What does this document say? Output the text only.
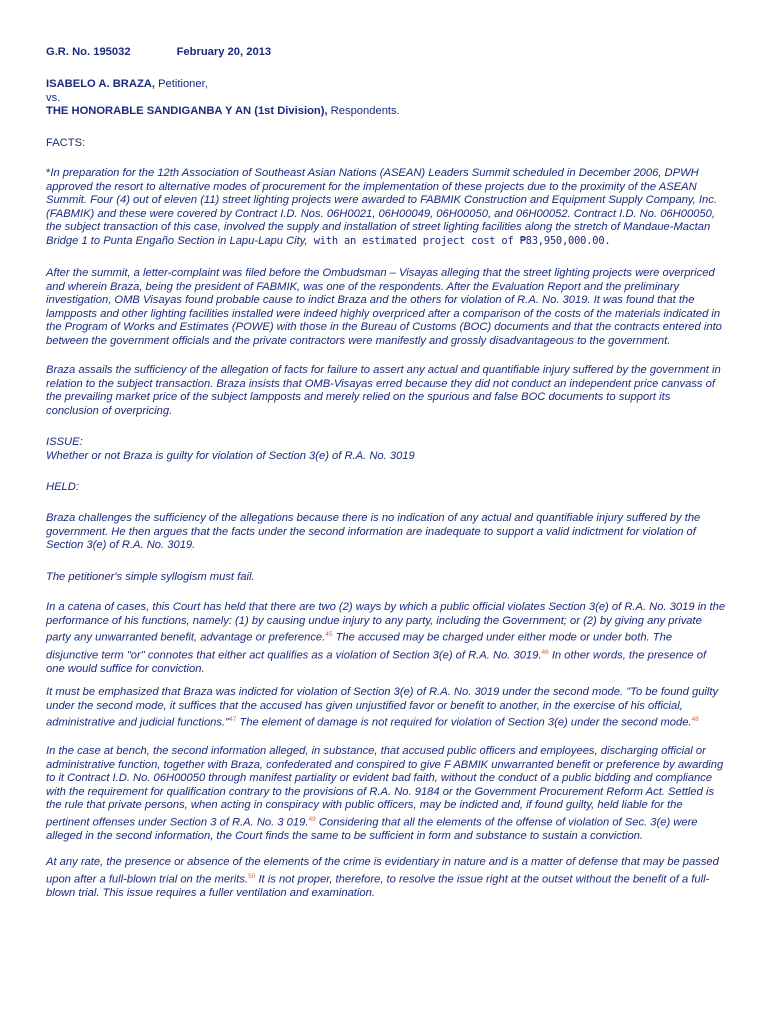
G.R. No. 195032	February 20, 2013

ISABELO A. BRAZA, Petitioner,

vs.

THE HONORABLE SANDIGANBA Y AN (1st Division), Respondents.

FACTS:
*In preparation for the 12th Association of Southeast Asian Nations (ASEAN) Leaders Summit scheduled in December 2006, DPWH approved the resort to alternative modes of procurement for the implementation of these projects due to the proximity of the ASEAN Summit. Four (4) out of eleven (11) street lighting projects were awarded to FABMIK Construction and Equipment Supply Company, Inc. (FABMIK) and these were covered by Contract I.D. Nos. 06H0021, 06H00049, 06H00050, and 06H00052. Contract I.D. No. 06H00050, the subject transaction of this case, involved the supply and installation of street lighting facilities along the stretch of Mandaue-Mactan Bridge 1 to Punta Engaño Section in Lapu-Lapu City, with an estimated project cost of ₱83,950,000.00.
After the summit, a letter-complaint was filed before the Ombudsman – Visayas alleging that the street lighting projects were overpriced and wherein Braza, being the president of FABMIK, was one of the respondents. After the Evaluation Report and the preliminary investigation, OMB Visayas found probable cause to indict Braza and the others for violation of R.A. No. 3019. It was found that the lampposts and other lighting facilities installed were indeed highly overpriced after a comparison of the costs of the materials indicated in the Program of Works and Estimates (POWE) with those in the Bureau of Customs (BOC) documents and that the contracts entered into between the government officials and the private contractors were manifestly and grossly disadvantageous to the government.
Braza assails the sufficiency of the allegation of facts for failure to assert any actual and quantifiable injury suffered by the government in relation to the subject transaction. Braza insists that OMB-Visayas erred because they did not conduct an independent price canvass of the prevailing market price of the subject lampposts and merely relied on the spurious and false BOC documents to support its conclusion of overpricing.

ISSUE:

Whether or not Braza is guilty for violation of Section 3(e) of R.A. No. 3019

HELD:
Braza challenges the sufficiency of the allegations because there is no indication of any actual and quantifiable injury suffered by the government. He then argues that the facts under the second information are inadequate to support a valid indictment for violation of Section 3(e) of R.A. No. 3019.
The petitioner's simple syllogism must fail.
In a catena of cases, this Court has held that there are two (2) ways by which a public official violates Section 3(e) of R.A. No. 3019 in the performance of his functions, namely: (1) by causing undue injury to any party, including the Government; or (2) by giving any private party any unwarranted benefit, advantage or preference.$^{45}$ The accused may be charged under either mode or under both. The disjunctive term "or" connotes that either act qualifies as a violation of Section 3(e) of R.A. No. 3019.46 In other words, the presence of one would suffice for conviction.
It must be emphasized that Braza was indicted for violation of Section 3(e) of R.A. No. 3019 under the second mode. "To be found guilty under the second mode, it suffices that the accused has given unjustified favor or benefit to another, in the exercise of his official, administrative and judicial functions."$^{47}$ The element of damage is not required for violation of Section 3(e) under the second mode.$^{48}$
In the case at bench, the second information alleged, in substance, that accused public officers and employees, discharging official or administrative function, together with Braza, confederated and conspired to give F ABMIK unwarranted benefit or preference by awarding to it Contract I.D. No. 06H00050 through manifest partiality or evident bad faith, without the conduct of a public bidding and compliance with the requirement for qualification contrary to the provisions of R.A. No. 9184 or the Government Procurement Reform Act. Settled is the rule that private persons, when acting in conspiracy with public officers, may be indicted and, if found guilty, held liable for the pertinent offenses under Section 3 of R.A. No. 3 019.49 Considering that all the elements of the offense of violation of Sec. 3(e) were alleged in the second information, the Court finds the same to be sufficient in form and substance to sustain a conviction.
At any rate, the presence or absence of the elements of the crime is evidentiary in nature and is a matter of defense that may be passed upon after a full-blown trial on the merits.$^{50}$ It is not proper, therefore, to resolve the issue right at the outset without the benefit of a full-blown trial. This issue requires a fuller ventilation and examination.
